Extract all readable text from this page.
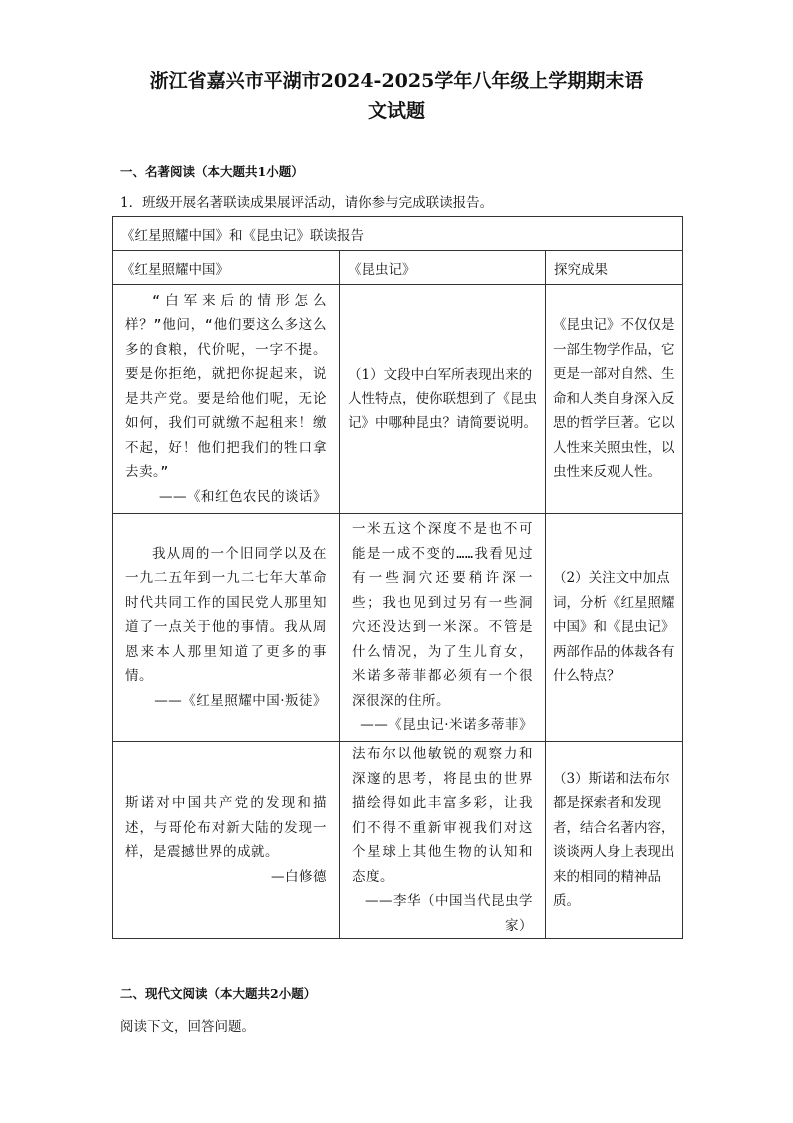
浙江省嘉兴市平湖市2024-2025学年八年级上学期期末语
文试题
一、名著阅读（本大题共1小题）
1．班级开展名著联读成果展评活动，请你参与完成联读报告。
《红星照耀中国》和《昆虫记》联读报告		
《红星照耀中国》	《昆虫记》	探究成果

“白军来后的情形怎么样？”他问，“他们要这么多这么多的食粮，代价呢，一字不提。要是你拒绝，就把你捉起来，说是共产党。要是给他们呢，无论如何，我们可就缴不起租来！缴不起，好！他们把我们的牲口拿去卖。”
——《和红色农民的谈话》	（1）文段中白军所表现出来的人性特点，使你联想到了《昆虫记》中哪种昆虫？请简要说明。	《昆虫记》不仅仅是一部生物学作品，它更是一部对自然、生命和人类自身深入反思的哲学巨著。它以人性来关照虫性，以虫性来反观人性。

我从周的一个旧同学以及在一九二五年到一九二七年大革命时代共同工作的国民党人那里知道了一点关于他的事情。我从周恩来本人那里知道了更多的事情。
——《红星照耀中国·叛徒》	一米五这个深度不是也不可能是一成不变的……我看见过有一些洞穴还要稍许深一些；我也见到过另有一些洞穴还没达到一米深。不管是什么情况，为了生儿育女，米诺多蒂菲都必须有一个很深很深的住所。
——《昆虫记·米诺多蒂菲》	（2）关注文中加点词，分析《红星照耀中国》和《昆虫记》两部作品的体裁各有什么特点？

斯诺对中国共产党的发现和描述，与哥伦布对新大陆的发现一样，是震撼世界的成就。
—白修德	法布尔以他敏锐的观察力和深邃的思考，将昆虫的世界描绘得如此丰富多彩，让我们不得不重新审视我们对这个星球上其他生物的认知和态度。
——李华（中国当代昆虫学家）	（3）斯诺和法布尔都是探索者和发现者，结合名著内容，谈谈两人身上表现出来的相同的精神品质。
二、现代文阅读（本大题共2小题）
阅读下文，回答问题。
